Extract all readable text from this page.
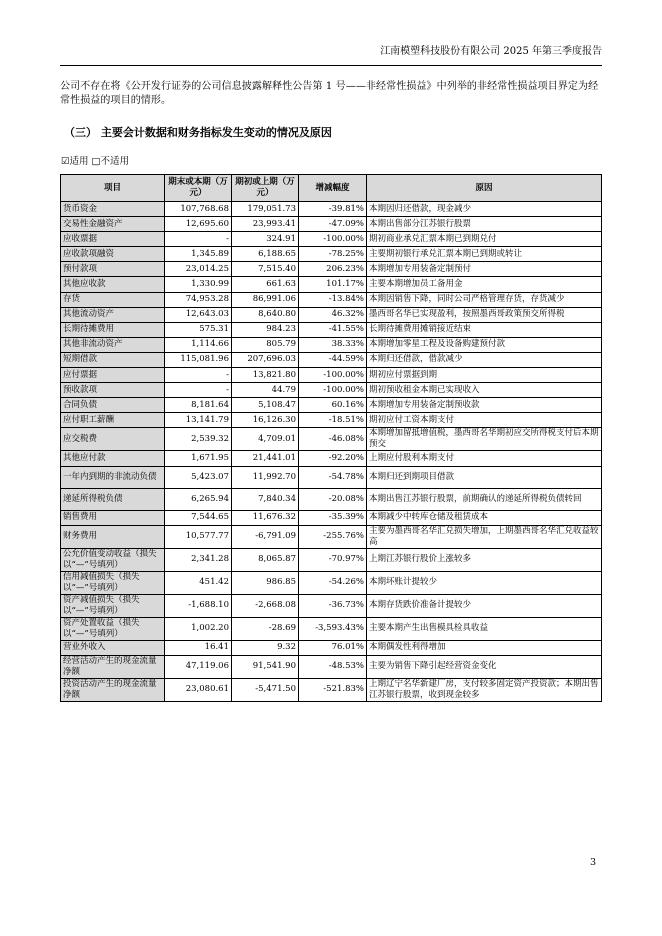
江南模塑科技股份有限公司 2025 年第三季度报告
公司不存在将《公开发行证券的公司信息披露解释性公告第 1 号——非经常性损益》中列举的非经常性损益项目界定为经常性损益的项目的情形。
（三） 主要会计数据和财务指标发生变动的情况及原因
☑适用 □不适用
项目	期末或本期（万元）	期初或上期（万元）	增减幅度	原因
货币资金	107,768.68	179,051.73	-39.81%	本期因归还借款，现金减少
交易性金融资产	12,695.60	23,993.41	-47.09%	本期出售部分江苏银行股票
应收票据	-	324.91	-100.00%	期初商业承兑汇票本期已到期兑付
应收款项融资	1,345.89	6,188.65	-78.25%	主要期初银行承兑汇票本期已到期或转让
预付款项	23,014.25	7,515.40	206.23%	本期增加专用装备定制预付
其他应收款	1,330.99	661.63	101.17%	主要本期增加员工备用金
存货	74,953.28	86,991.06	-13.84%	本期因销售下降，同时公司严格管理存货，存货减少
其他流动资产	12,643.03	8,640.80	46.32%	墨西哥名华已实现盈利，按照墨西哥政策预交所得税
长期待摊费用	575.31	984.23	-41.55%	长期待摊费用摊销接近结束
其他非流动资产	1,114.66	805.79	38.33%	本期增加零星工程及设备购建预付款
短期借款	115,081.96	207,696.03	-44.59%	本期归还借款，借款减少
应付票据	-	13,821.80	-100.00%	期初应付票据到期
预收款项	-	44.79	-100.00%	期初预收租金本期已实现收入
合同负债	8,181.64	5,108.47	60.16%	本期增加专用装备定制预收款
应付职工薪酬	13,141.79	16,126.30	-18.51%	期初应付工资本期支付
应交税费	2,539.32	4,709.01	-46.08%	本期增加留抵增值税，墨西哥名华期初应交所得税支付后本期预交
其他应付款	1,671.95	21,441.01	-92.20%	上期应付股利本期支付
一年内到期的非流动负债	5,423.07	11,992.70	-54.78%	本期归还到期项目借款
递延所得税负债	6,265.94	7,840.34	-20.08%	本期出售江苏银行股票，前期确认的递延所得税负债转回
销售费用	7,544.65	11,676.32	-35.39%	本期减少中转库仓储及租赁成本
财务费用	10,577.77	-6,791.09	-255.76%	主要为墨西哥名华汇兑损失增加，上期墨西哥名华汇兑收益较高
公允价值变动收益（损失以“—”号填列）	2,341.28	8,065.87	-70.97%	上期江苏银行股价上涨较多
信用减值损失（损失以“—”号填列）	451.42	986.85	-54.26%	本期坏账计提较少
资产减值损失（损失以“—”号填列）	-1,688.10	-2,668.08	-36.73%	本期存货跌价准备计提较少
资产处置收益（损失以“—”号填列）	1,002.20	-28.69	-3,593.43%	主要本期产生出售模具检具收益
营业外收入	16.41	9.32	76.01%	本期偶发性利得增加
经营活动产生的现金流量净额	47,119.06	91,541.90	-48.53%	主要为销售下降引起经营资金变化
投资活动产生的现金流量净额	23,080.61	-5,471.50	-521.83%	上期辽宁名华新建厂房，支付较多固定资产投资款；本期出售江苏银行股票，收到现金较多
3
